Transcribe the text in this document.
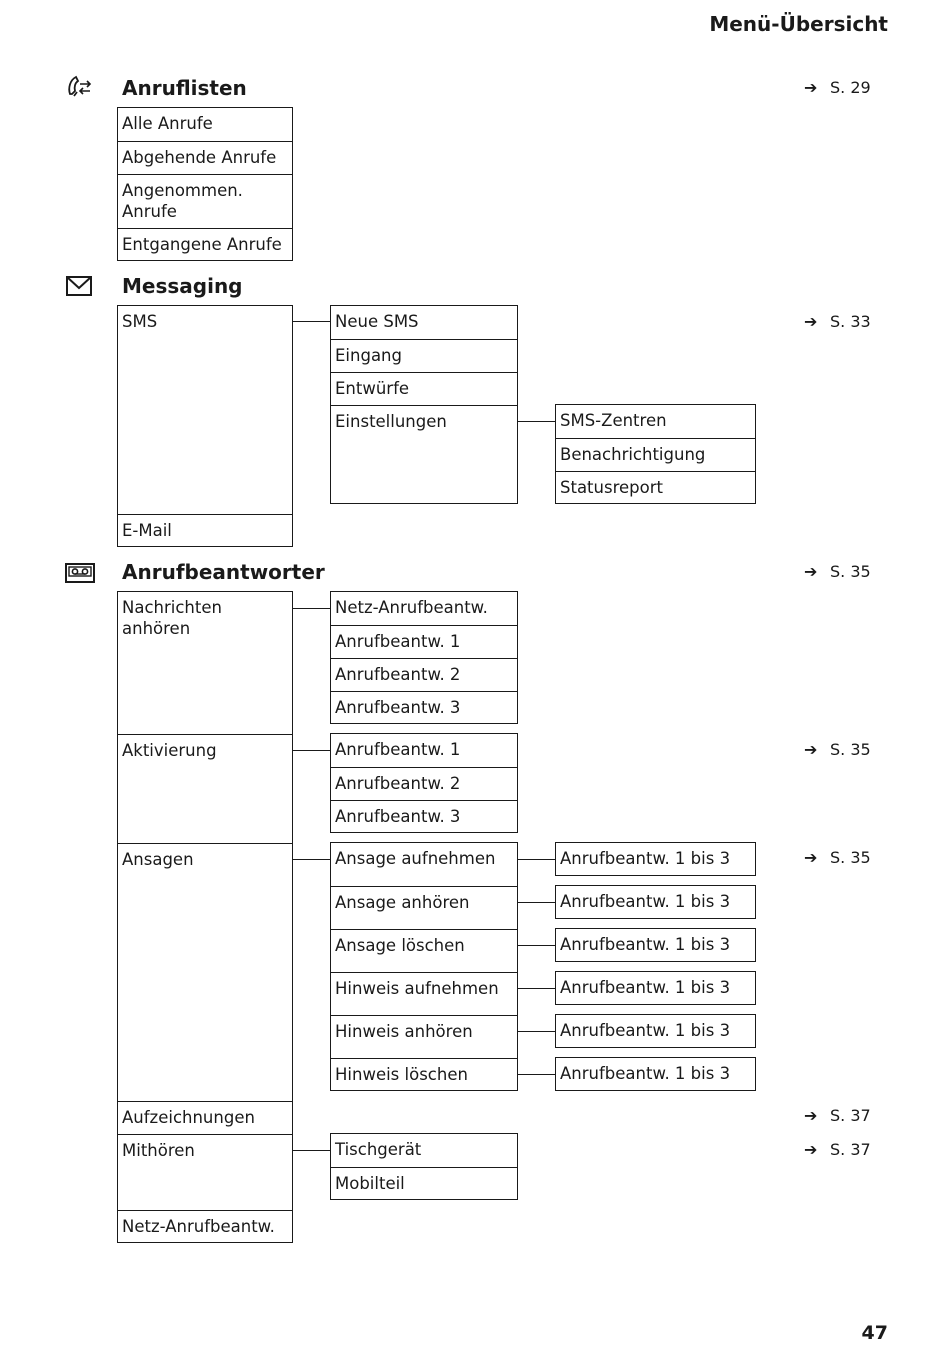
Menü-Übersicht
Anruflisten	➔ S. 29
Alle Anrufe
Abgehende Anrufe
Angenommen.
Anrufe
Entgangene Anrufe
Messaging
➔ S. 33
SMS
E-Mail
Neue SMS
Eingang
Entwürfe
Einstellungen	SMS-Zentren
Benachrichtigung
Statusreport
Anrufbeantworter	➔ S. 35
Nachrichten anhören
Aktivierung
Ansagen
Aufzeichnungen
Mithören
Netz-Anrufbeantw.
Netz-Anrufbeantw.
Anrufbeantw. 1
Anrufbeantw. 2
Anrufbeantw. 3
Anrufbeantw. 1
Anrufbeantw. 2
Anrufbeantw. 3
➔ S. 35
Ansage aufnehmen
Ansage anhören
Ansage löschen
Hinweis aufnehmen
Hinweis anhören
Hinweis löschen
➔ S. 35
Anrufbeantw. 1 bis 3
Anrufbeantw. 1 bis 3
Anrufbeantw. 1 bis 3
Anrufbeantw. 1 bis 3
Anrufbeantw. 1 bis 3
Anrufbeantw. 1 bis 3
➔ S. 37
Tischgerät
Mobilteil
➔ S. 37
47
